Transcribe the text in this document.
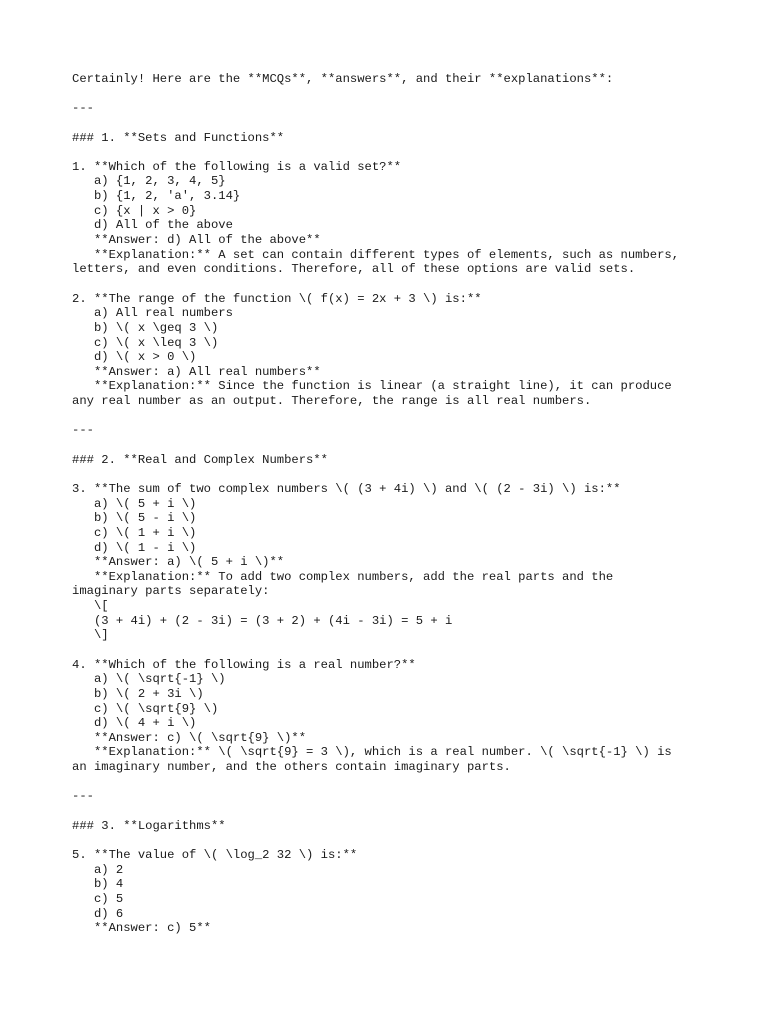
Certainly! Here are the **MCQs**, **answers**, and their **explanations**:
---
### 1. **Sets and Functions**
1. **Which of the following is a valid set?**
a) {1, 2, 3, 4, 5}
b) {1, 2, 'a', 3.14}
c) {x | x > 0}
d) All of the above
**Answer: d) All of the above**
**Explanation:** A set can contain different types of elements, such as numbers,
letters, and even conditions. Therefore, all of these options are valid sets.
2. **The range of the function \( f(x) = 2x + 3 \) is:**
a) All real numbers
b) \( x \geq 3 \)
c) \( x \leq 3 \)
d) \( x > 0 \)
**Answer: a) All real numbers**
**Explanation:** Since the function is linear (a straight line), it can produce
any real number as an output. Therefore, the range is all real numbers.
---
### 2. **Real and Complex Numbers**
3. **The sum of two complex numbers \( (3 + 4i) \) and \( (2 - 3i) \) is:**
a) \( 5 + i \)
b) \( 5 - i \)
c) \( 1 + i \)
d) \( 1 - i \)
**Answer: a) \( 5 + i \)**
**Explanation:** To add two complex numbers, add the real parts and the
imaginary parts separately:
\[
(3 + 4i) + (2 - 3i) = (3 + 2) + (4i - 3i) = 5 + i
\]
4. **Which of the following is a real number?**
a) \( \sqrt{-1} \)
b) \( 2 + 3i \)
c) \( \sqrt{9} \)
d) \( 4 + i \)
**Answer: c) \( \sqrt{9} \)**
**Explanation:** \( \sqrt{9} = 3 \), which is a real number. \( \sqrt{-1} \) is
an imaginary number, and the others contain imaginary parts.
---
### 3. **Logarithms**
5. **The value of \( \log_2 32 \) is:**
a) 2
b) 4
c) 5
d) 6
**Answer: c) 5**
